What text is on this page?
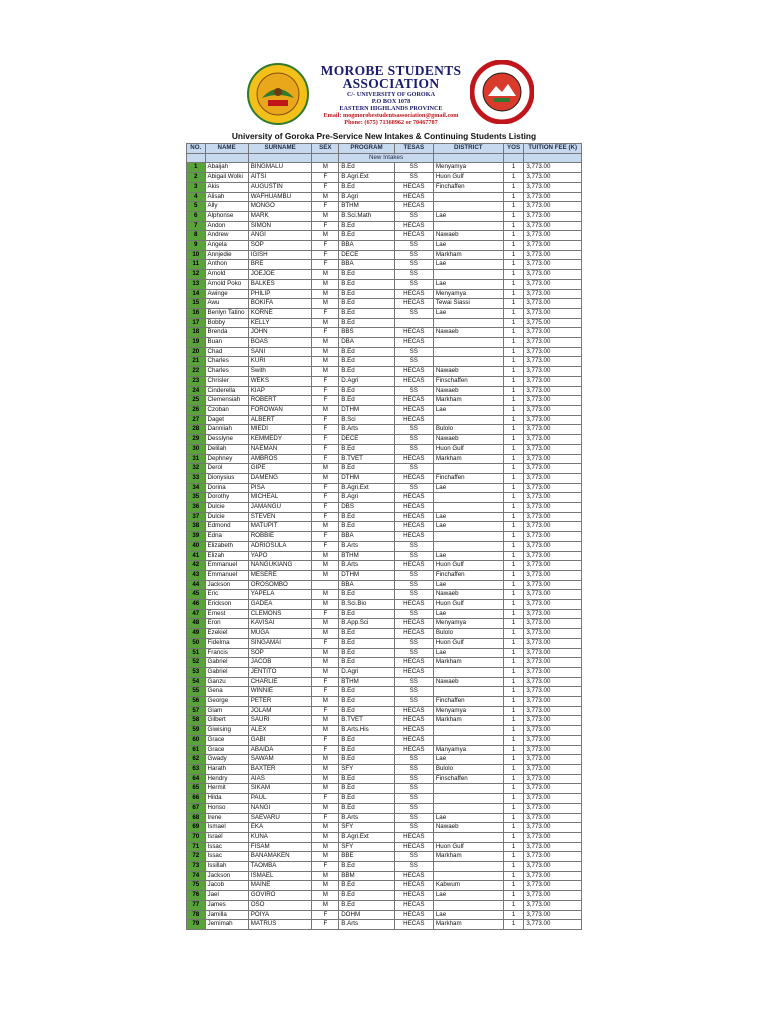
MOROBE STUDENTS
ASSOCIATION
C/- UNIVERSITY OF GOROKA
P.O BOX 1078
EASTERN HIGHLANDS PROVINCE
Email: mogmorobestudentsassociation@gmail.com
Phone: (675) 71368962 or 70467787
University of Goroka Pre-Service New Intakes & Continuing Students Listing
NO.	NAME	SURNAME	SEX	PROGRAM	TESAS	DISTRICT	YOS	TUITION FEE (K)
				New Intakes				
1	Abaijah	BINGMALU	M	B.Ed	SS	Menyamya	1	3,773.00
2	Abigail Wolki	AITSI	F	B.Agri.Ext	SS	Huon Gulf	1	3,773.00
3	Akis	AUGUSTIN	F	B.Ed	HECAS	Finchaffen	1	3,773.00
4	Alisah	WAFHUAMBU	M	B.Agri	HECAS		1	3,773.00
5	Ally	MONGO	F	BTHM	HECAS		1	3,773.00
6	Alphonse	MARK	M	B.Sci.Math	SS	Lae	1	3,773.00
7	Andon	SIMON	F	B.Ed	HECAS		1	3,773.00
8	Andrew	ANGI	M	B.Ed	HECAS	Nawaeb	1	3,773.00
9	Angela	SOP	F	BBA	SS	Lae	1	3,773.00
10	Annjedie	IGISH	F	DECE	SS	Markham	1	3,773.00
11	Anthon	BRE	F	BBA	SS	Lae	1	3,773.00
12	Arnold	JOEJOE	M	B.Ed	SS		1	3,773.00
13	Arnold Poko	BALKES	M	B.Ed	SS	Lae	1	3,773.00
14	Awinge	PHILIP	M	B.Ed	HECAS	Menyamya	1	3,773.00
15	Awu	BOKIFA	M	B.Ed	HECAS	Tewai Siassi	1	3,773.00
16	Benlyn Tatino	KORNE	F	B.Ed	SS	Lae	1	3,773.00
17	Bobby	KELLY	M	B.Ed			1	3,775.00
18	Brenda	JOHN	F	BBS	HECAS	Nawaeb	1	3,773.00
19	Buan	BOAS	M	DBA	HECAS		1	3,773.00
20	Chad	SANI	M	B.Ed	SS		1	3,773.00
21	Charles	KURI	M	B.Ed	SS		1	3,773.00
22	Charles	Swith	M	B.Ed	HECAS	Nawaeb	1	3,773.00
23	Chrisler	WEKS	F	D.Agri	HECAS	Finschaffen	1	3,773.00
24	Cinderella	KIAP	F	B.Ed	SS	Nawaeb	1	3,773.00
25	Clemensiah	ROBERT	F	B.Ed	HECAS	Markham	1	3,773.00
26	Czoban	FOROWAN	M	DTHM	HECAS	Lae	1	3,773.00
27	Daget	ALBERT	F	B.Sci	HECAS		1	3,773.00
28	Danniiah	MIEDI	F	B.Arts	SS	Bulolo	1	3,773.00
29	Desslyne	KEMMEDY	F	DECE	SS	Nawaeb	1	3,773.00
30	Delilah	NAEMAN	F	B.Ed	SS	Huon Gulf	1	3,773.00
31	Dephney	AMBROS	F	B.TVET	HECAS	Markham	1	3,773.00
32	Derol	GIPE	M	B.Ed	SS		1	3,773.00
33	Dionysius	DAMENG	M	DTHM	HECAS	Finchaffen	1	3,773.00
34	Dorina	PISA	F	B.Agri.Ext	SS	Lae	1	3,773.00
35	Dorothy	MICHEAL	F	B.Agri	HECAS		1	3,773.00
36	Dulcie	JAMANGU	F	DBS	HECAS		1	3,773.00
37	Dulcie	STEVEN	F	B.Ed	HECAS	Lae	1	3,773.00
38	Edmond	MATUPIT	M	B.Ed	HECAS	Lae	1	3,773.00
39	Edna	ROBBIE	F	BBA	HECAS		1	3,773.00
40	Elizabeth	ADRIOSULA	F	B.Arts	SS		1	3,773.00
41	Elizah	YAPO	M	BTHM	SS	Lae	1	3,773.00
42	Emmanuel	NANGUKIANG	M	B.Arts	HECAS	Huon Gulf	1	3,773.00
43	Emmanuel	MESERE	M	DTHM	SS	Finchaffen	1	3,773.00
44	Jackson	OROSOMBO		BBA	SS	Lae	1	3,773.00
45	Eric	YAPELA	M	B.Ed	SS	Nawaeb	1	3,773.00
46	Erickson	GADEA	M	B.Sci.Bio	HECAS	Huon Gulf	1	3,773.00
47	Ernest	CLEMONS	F	B.Ed	SS	Lae	1	3,773.00
48	Eron	KAVISAI	M	B.App.Sci	HECAS	Menyamya	1	3,773.00
49	Ezekiel	MUGA	M	B.Ed	HECAS	Bulolo	1	3,773.00
50	Fidelma	SINGAMAI	F	B.Ed	SS	Huon Gulf	1	3,773.00
51	Francis	SOP	M	B.Ed	SS	Lae	1	3,773.00
52	Gabriel	JACOB	M	B.Ed	HECAS	Markham	1	3,773.00
53	Gabriel	JENTITO	M	D.Agri	HECAS		1	3,773.00
54	Ganzu	CHARLIE	F	BTHM	SS	Nawaeb	1	3,773.00
55	Gena	WINNIE	F	B.Ed	SS		1	3,773.00
56	George	PETER	M	B.Ed	SS	Finchaffen	1	3,773.00
57	Giam	JOLAM	F	B.Ed	HECAS	Menyamya	1	3,773.00
58	Gilbert	SAURI	M	B.TVET	HECAS	Markham	1	3,773.00
59	Giwising	ALEX	M	B.Arts.His	HECAS		1	3,773.00
60	Grace	GABI	F	B.Ed	HECAS		1	3,773.00
61	Grace	ABAIDA	F	B.Ed	HECAS	Manyamya	1	3,773.00
62	Gwady	SAWAM	M	B.Ed	SS	Lae	1	3,773.00
63	Harath	BAXTER	M	SFY	SS	Bulolo	1	3,773.00
64	Hendry	AIAS	M	B.Ed	SS	Finschaffen	1	3,773.00
65	Hermit	SIKAM	M	B.Ed	SS		1	3,773.00
66	Hilda	PAUL	F	B.Ed	SS		1	3,773.00
67	Honso	NANGI	M	B.Ed	SS		1	3,773.00
68	Irene	SAEVARU	F	B.Arts	SS	Lae	1	3,773.00
69	Ismael	EKA	M	SFY	SS	Nawaeb	1	3,773.00
70	Israel	KUNA	M	B.Agri.Ext	HECAS		1	3,773.00
71	Issac	FISAM	M	SFY	HECAS	Huon Gulf	1	3,773.00
72	Issac	BANAMAKEN	M	BBE	SS	Markham	1	3,773.00
73	Issillah	TAOMBA	F	B.Ed	SS		1	3,773.00
74	Jackson	ISMAEL	M	BBM	HECAS		1	3,773.00
75	Jacob	MAINE	M	B.Ed	HECAS	Kabwum	1	3,773.00
76	Jael	GOVIRO	M	B.Ed	HECAS	Lae	1	3,773.00
77	James	OSO	M	B.Ed	HECAS		1	3,773.00
78	Jamilla	POIYA	F	DOHM	HECAS	Lae	1	3,773.00
79	Jemimah	MATRUS	F	B.Arts	HECAS	Markham	1	3,773.00
